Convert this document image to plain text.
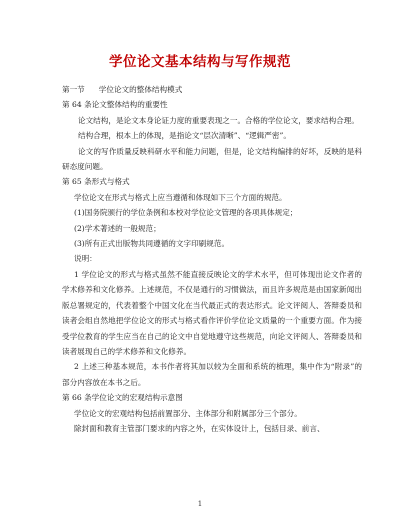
学位论文基本结构与写作规范
第一节 学位论文的整体结构模式

第 64 条论文整体结构的重要性

论文结构，是论文本身论证力度的重要表现之一。合格的学位论文，要求结构合理。

结构合理，根本上的体现，是指论文“层次清晰”、“逻辑严密”。

论文的写作质量反映科研水平和能力问题，但是，论文结构编排的好坏，反映的是科研态度问题。

第 65 条形式与格式

学位论文在形式与格式上应当遵循和体现如下三个方面的规范。

(1)国务院颁行的学位条例和本校对学位论文管理的各项具体规定；

(2)学术著述的一般规范；

(3)所有正式出版物共同遵循的文字印刷规范。

说明：

1 学位论文的形式与格式虽然不能直接反映论文的学术水平，但可体现出论文作者的学术修养和文化修养。上述规范，不仅是通行的习惯做法，而且许多规范是由国家新闻出版总署规定的，代表着整个中国文化在当代最正式的表达形式。论文评阅人、答辩委员和读者会组自然地把学位论文的形式与格式看作评价学位论文质量的一个重要方面。作为接受学位教育的学生应当在自己的论文中自觉地遵守这些规范，向论文评阅人、答辩委员和读者展现自己的学术修养和文化修养。

2 上述三种基本规范，本书作者将其加以较为全面和系统的梳理，集中作为“附录”的部分内容放在本书之后。

第 66 条学位论文的宏观结构示意图

学位论文的宏观结构包括前置部分、主体部分和附属部分三个部分。

除封面和教育主管部门要求的内容之外，在实体设计上，包括目录、前言、

1
